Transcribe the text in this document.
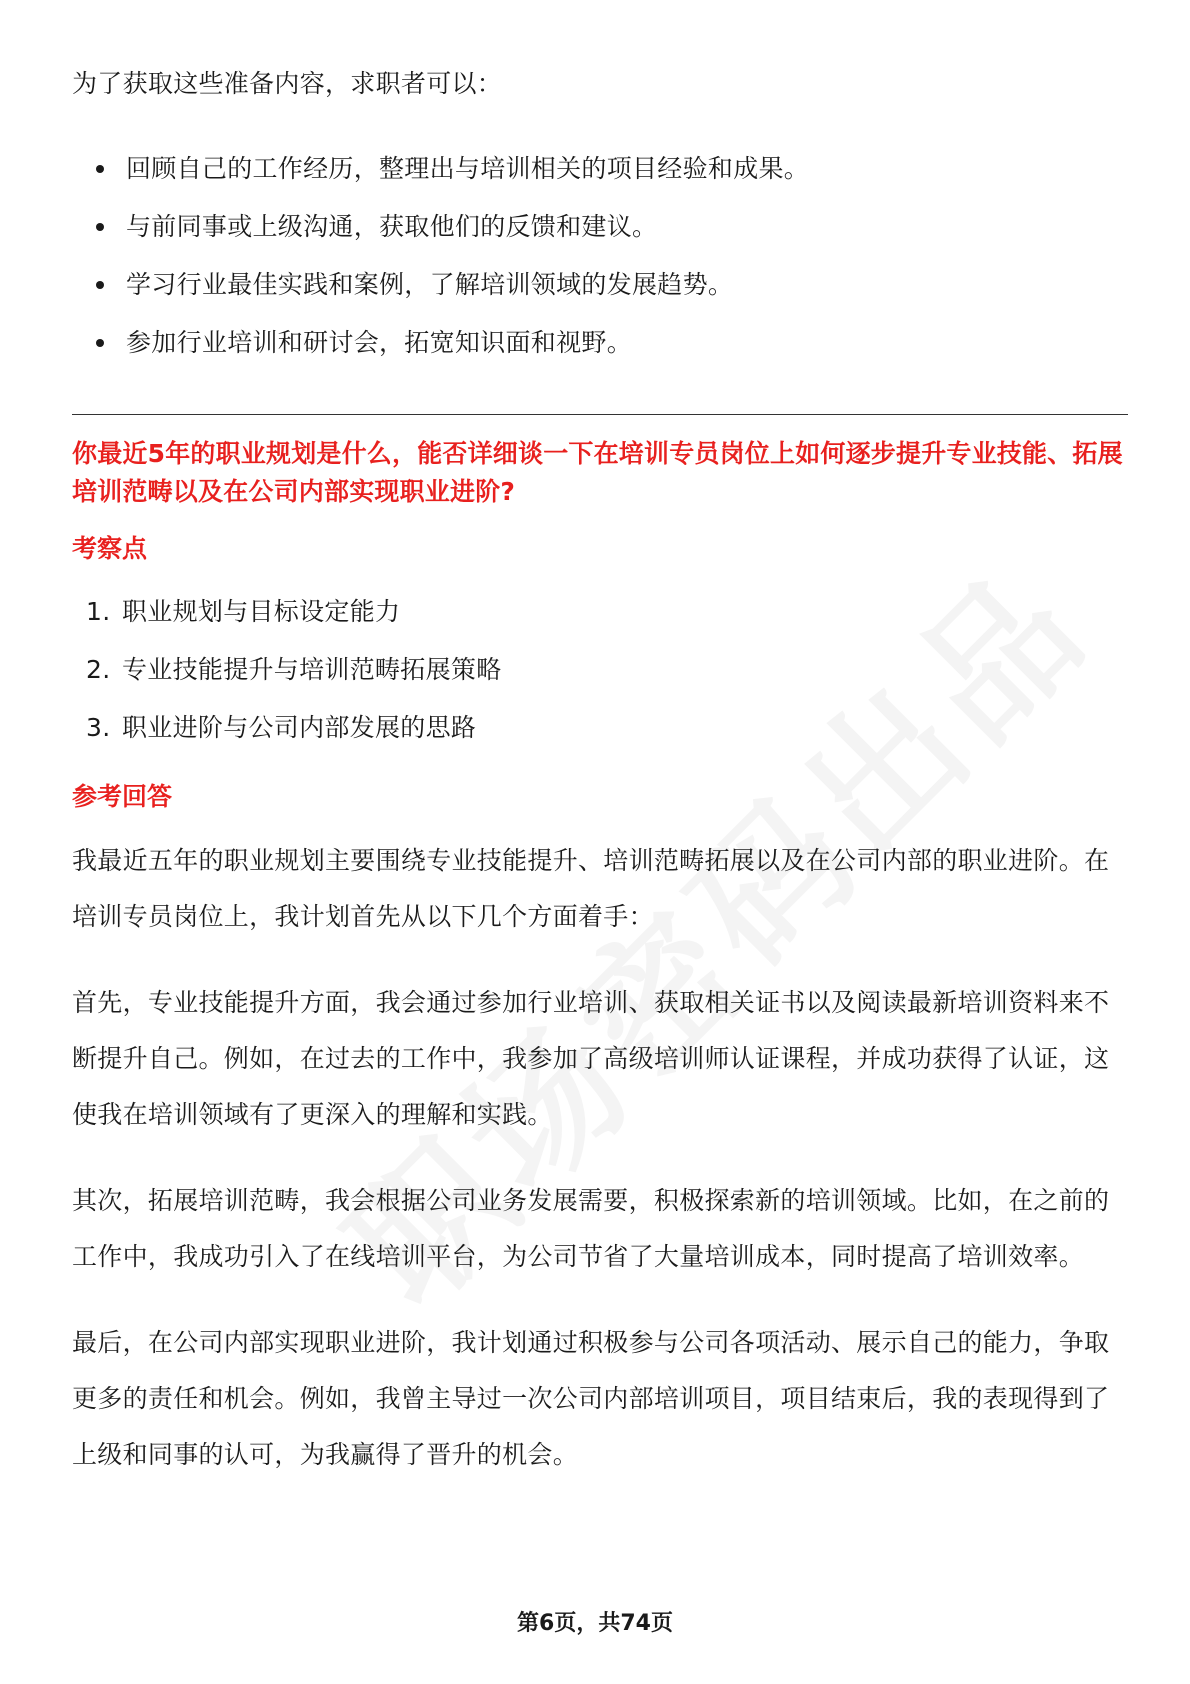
为了获取这些准备内容，求职者可以：

回顾自己的工作经历，整理出与培训相关的项目经验和成果。
与前同事或上级沟通，获取他们的反馈和建议。
学习行业最佳实践和案例，了解培训领域的发展趋势。
参加行业培训和研讨会，拓宽知识面和视野。

你最近5年的职业规划是什么，能否详细谈一下在培训专员岗位上如何逐步提升专业技能、拓展培训范畴以及在公司内部实现职业进阶?

考察点
1. 职业规划与目标设定能力
2. 专业技能提升与培训范畴拓展策略
3. 职业进阶与公司内部发展的思路
参考回答

我最近五年的职业规划主要围绕专业技能提升、培训范畴拓展以及在公司内部的职业进阶。在培训专员岗位上，我计划首先从以下几个方面着手：

首先，专业技能提升方面，我会通过参加行业培训、获取相关证书以及阅读最新培训资料来不断提升自己。例如，在过去的工作中，我参加了高级培训师认证课程，并成功获得了认证，这使我在培训领域有了更深入的理解和实践。

其次，拓展培训范畴，我会根据公司业务发展需要，积极探索新的培训领域。比如，在之前的工作中，我成功引入了在线培训平台，为公司节省了大量培训成本，同时提高了培训效率。

最后，在公司内部实现职业进阶，我计划通过积极参与公司各项活动、展示自己的能力，争取更多的责任和机会。例如，我曾主导过一次公司内部培训项目，项目结束后，我的表现得到了上级和同事的认可，为我赢得了晋升的机会。

第6页，共74页
